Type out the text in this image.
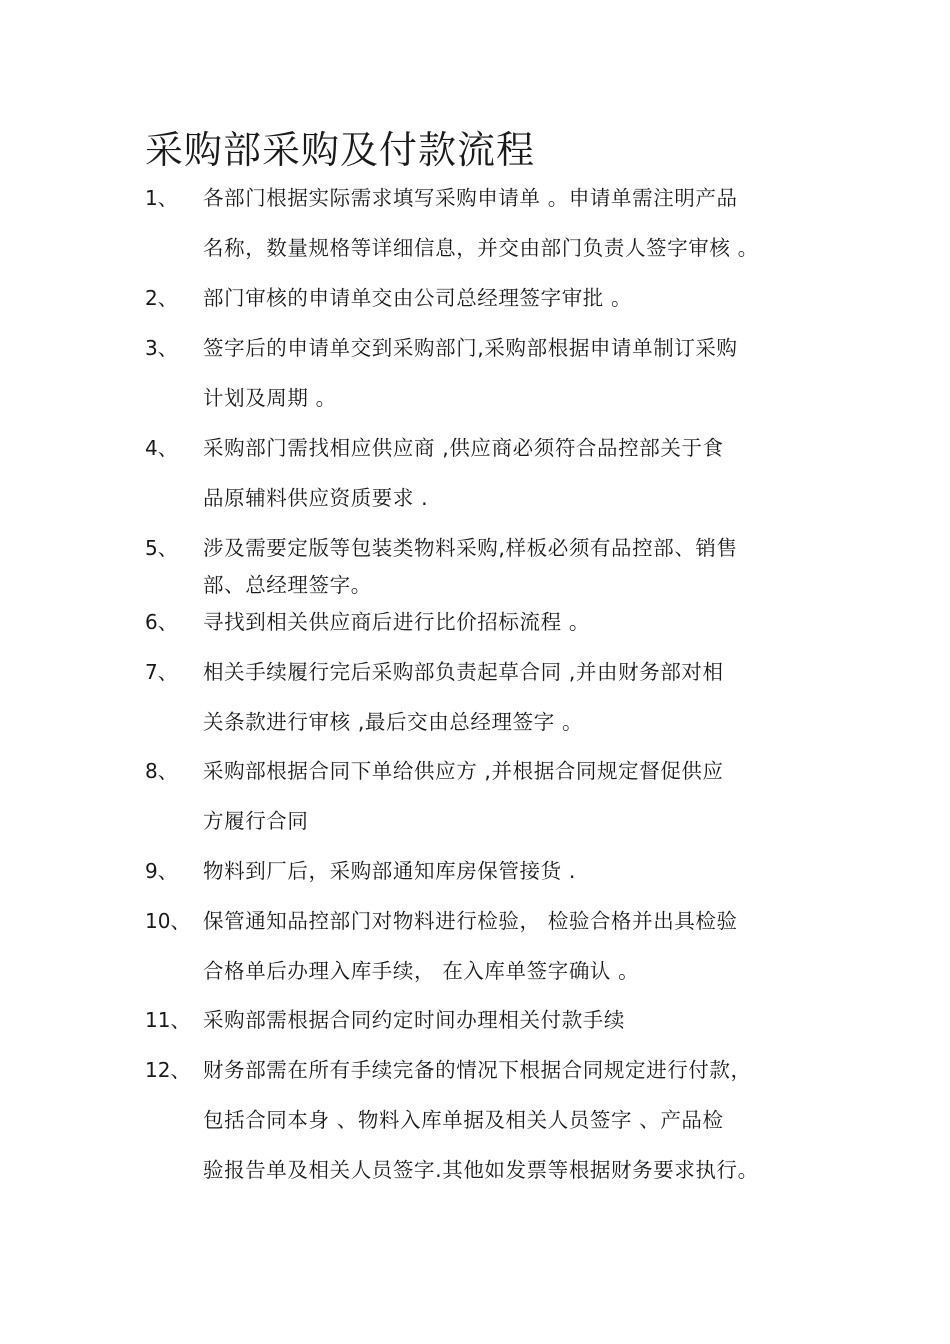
采购部采购及付款流程
1、 各部门根据实际需求填写采购申请单 。申请单需注明产品
名称，数量规格等详细信息，并交由部门负责人签字审核 。
2、 部门审核的申请单交由公司总经理签字审批 。
3、 签字后的申请单交到采购部门,采购部根据申请单制订采购
计划及周期 。
4、 采购部门需找相应供应商 ,供应商必须符合品控部关于食
品原辅料供应资质要求 .
5、 涉及需要定版等包装类物料采购,样板必须有品控部、销售
部、总经理签字。
6、 寻找到相关供应商后进行比价招标流程 。
7、 相关手续履行完后采购部负责起草合同 ,并由财务部对相
关条款进行审核 ,最后交由总经理签字 。
8、 采购部根据合同下单给供应方 ,并根据合同规定督促供应
方履行合同
9、 物料到厂后，采购部通知库房保管接货 .
10、 保管通知品控部门对物料进行检验， 检验合格并出具检验
合格单后办理入库手续， 在入库单签字确认 。
11、 采购部需根据合同约定时间办理相关付款手续
12、 财务部需在所有手续完备的情况下根据合同规定进行付款，
包括合同本身 、物料入库单据及相关人员签字 、产品检
验报告单及相关人员签字.其他如发票等根据财务要求执行。
